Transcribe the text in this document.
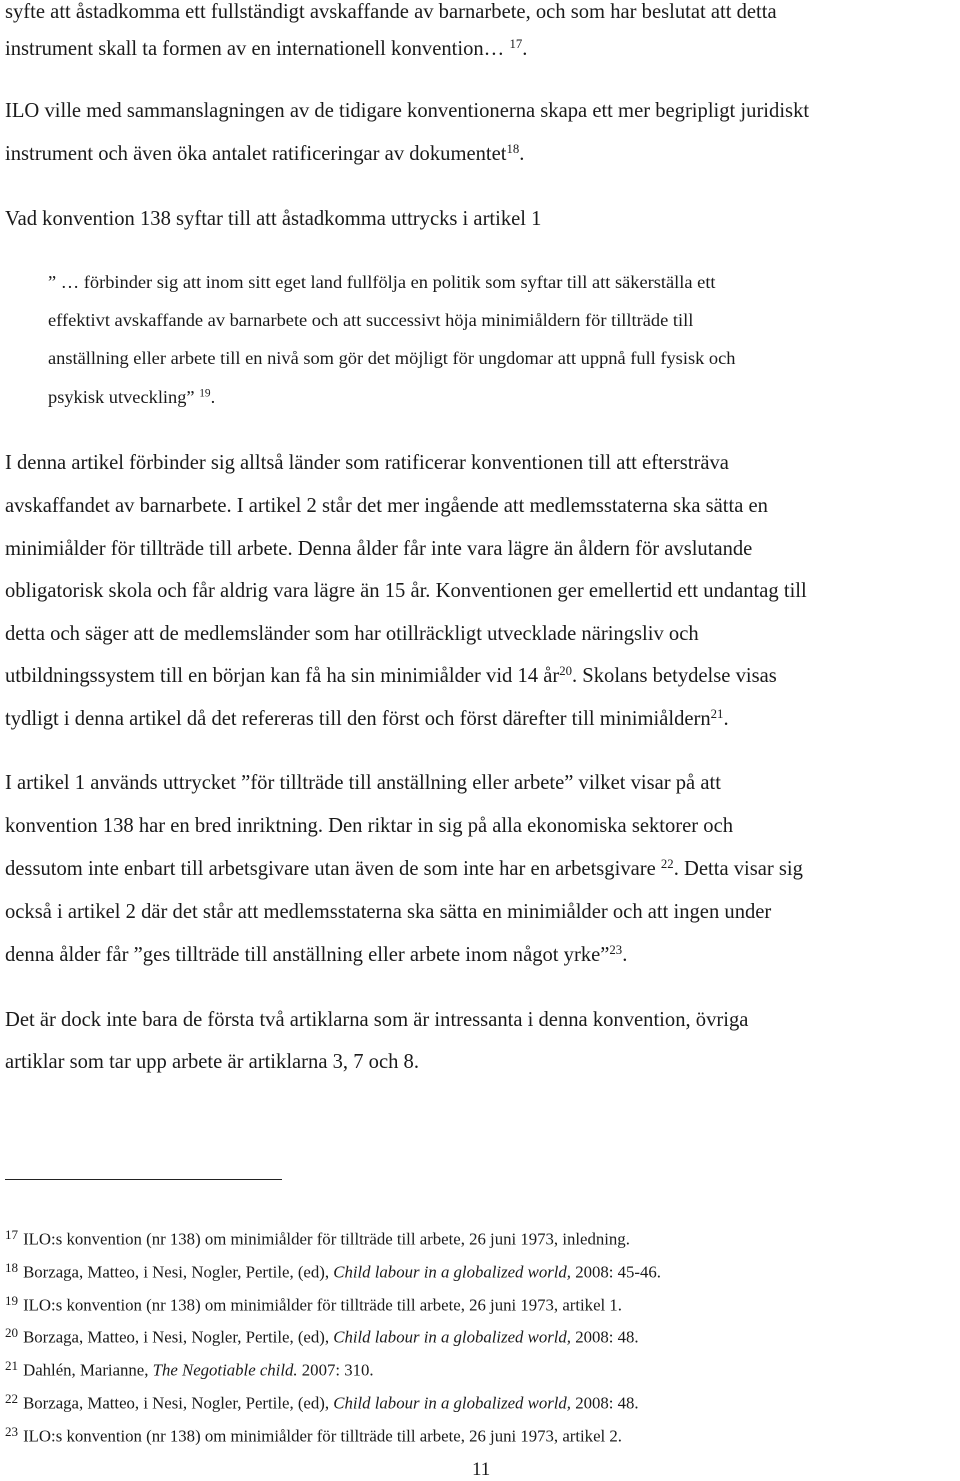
syfte att åstadkomma ett fullständigt avskaffande av barnarbete, och som har beslutat att detta
instrument skall ta formen av en internationell konvention… $^{17}$.
ILO ville med sammanslagningen av de tidigare konventionerna skapa ett mer begripligt juridiskt
instrument och även öka antalet ratificeringar av dokumentet$^{18}$.
Vad konvention 138 syftar till att åstadkomma uttrycks i artikel 1
” … förbinder sig att inom sitt eget land fullfölja en politik som syftar till att säkerställa ett
effektivt avskaffande av barnarbete och att successivt höja minimiåldern för tillträde till
anställning eller arbete till en nivå som gör det möjligt för ungdomar att uppnå full fysisk och
psykisk utveckling” $^{19}$.
I denna artikel förbinder sig alltså länder som ratificerar konventionen till att eftersträva
avskaffandet av barnarbete. I artikel 2 står det mer ingående att medlemsstaterna ska sätta en
minimiålder för tillträde till arbete. Denna ålder får inte vara lägre än åldern för avslutande
obligatorisk skola och får aldrig vara lägre än 15 år. Konventionen ger emellertid ett undantag till
detta och säger att de medlemsländer som har otillräckligt utvecklade näringsliv och
utbildningssystem till en början kan få ha sin minimiålder vid 14 $år^{20}$. Skolans betydelse visas
tydligt i denna artikel då det refereras till den först och först därefter till minimiåldern$^{21}$.
I artikel 1 används uttrycket ”för tillträde till anställning eller arbete” vilket visar på att
konvention 138 har en bred inriktning. Den riktar in sig på alla ekonomiska sektorer och
dessutom inte enbart till arbetsgivare utan även de som inte har en arbetsgivare $^{22}$. Detta visar sig
också i artikel 2 där det står att medlemsstaterna ska sätta en minimiålder och att ingen under
denna ålder får ”ges tillträde till anställning eller arbete inom något yrke”$^{23}$.
Det är dock inte bara de första två artiklarna som är intressanta i denna konvention, övriga
artiklar som tar upp arbete är artiklarna 3, 7 och 8.
$^{17}$ ILO:s konvention (nr 138) om minimiålder för tillträde till arbete, 26 juni 1973, inledning.
$^{18}$ Borzaga, Matteo, i Nesi, Nogler, Pertile, (ed), Child labour in a globalized world, 2008: 45-46.
$^{19}$ ILO:s konvention (nr 138) om minimiålder för tillträde till arbete, 26 juni 1973, artikel 1.
$^{20}$ Borzaga, Matteo, i Nesi, Nogler, Pertile, (ed), Child labour in a globalized world, 2008: 48.
$^{21}$ Dahlén, Marianne, The Negotiable child. 2007: 310.
$^{22}$ Borzaga, Matteo, i Nesi, Nogler, Pertile, (ed), Child labour in a globalized world, 2008: 48.
$^{23}$ ILO:s konvention (nr 138) om minimiålder för tillträde till arbete, 26 juni 1973, artikel 2.
11
